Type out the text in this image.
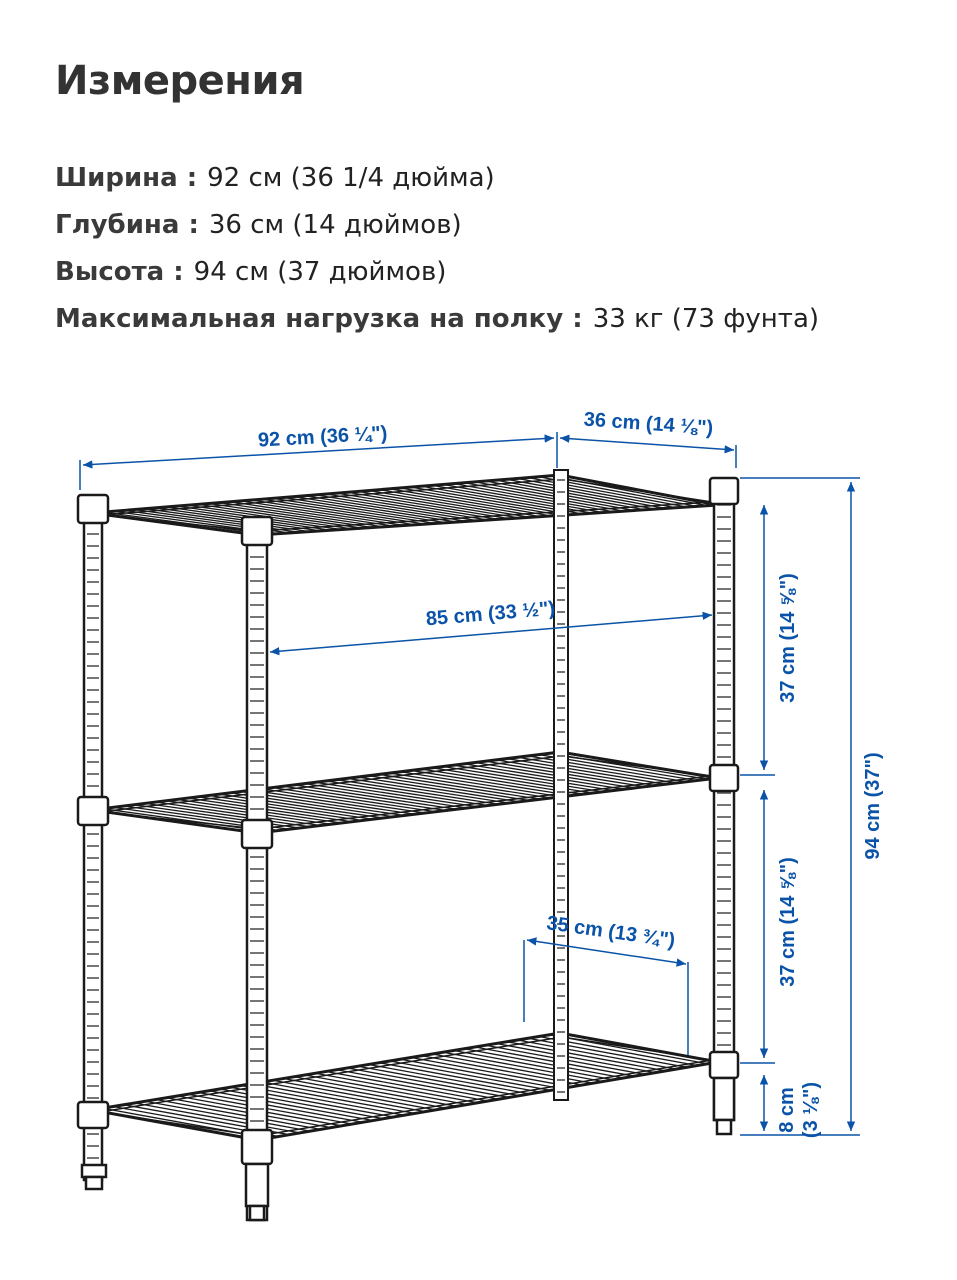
Измерения
Ширина : 92 см (36 1/4 дюйма)
Глубина : 36 см (14 дюймов)
Высота : 94 см (37 дюймов)
Максимальная нагрузка на полку : 33 кг (73 фунта)
92 cm (36 ¼")	36 cm (14 ⅛")
85 cm (33 ½")	37 cm (14 ⅝")
37 cm (14 ⅝")
94 cm (37")
35 cm (13 ¾")
8 cm (3 ⅛")
